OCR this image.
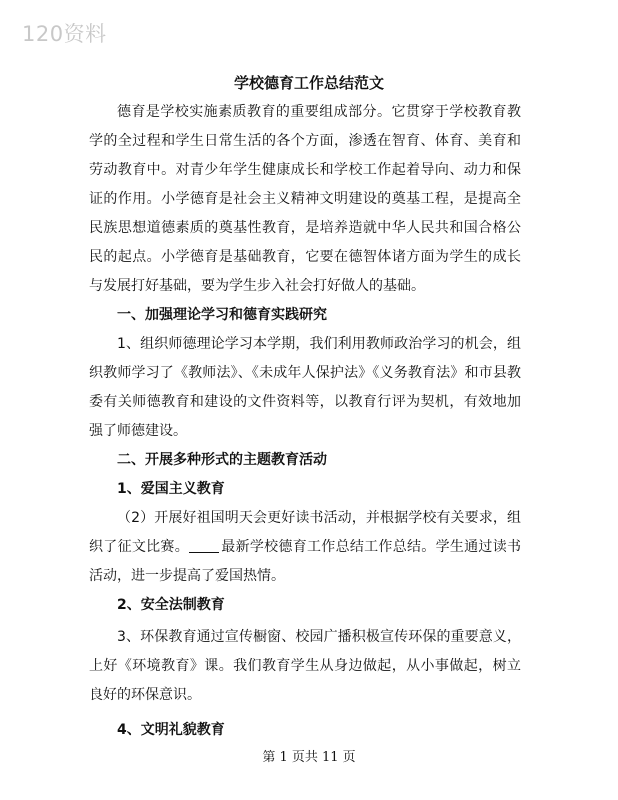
120资料
学校德育工作总结范文

德育是学校实施素质教育的重要组成部分。它贯穿于学校教育教学的全过程和学生日常生活的各个方面，渗透在智育、体育、美育和劳动教育中。对青少年学生健康成长和学校工作起着导向、动力和保证的作用。小学德育是社会主义精神文明建设的奠基工程，是提高全民族思想道德素质的奠基性教育，是培养造就中华人民共和国合格公民的起点。小学德育是基础教育，它要在德智体诸方面为学生的成长与发展打好基础，要为学生步入社会打好做人的基础。

一、加强理论学习和德育实践研究

1、组织师德理论学习本学期，我们利用教师政治学习的机会，组织教师学习了《教师法》、《未成年人保护法》《义务教育法》和市县教委有关师德教育和建设的文件资料等，以教育行评为契机，有效地加强了师德建设。

二、开展多种形式的主题教育活动

1、爱国主义教育

（2）开展好祖国明天会更好读书活动，并根据学校有关要求，组织了征文比赛。 最新学校德育工作总结工作总结。学生通过读书活动，进一步提高了爱国热情。

2、安全法制教育

3、环保教育通过宣传橱窗、校园广播积极宣传环保的重要意义，上好《环境教育》课。我们教育学生从身边做起，从小事做起，树立良好的环保意识。

4、文明礼貌教育

第 1 页共 11 页
